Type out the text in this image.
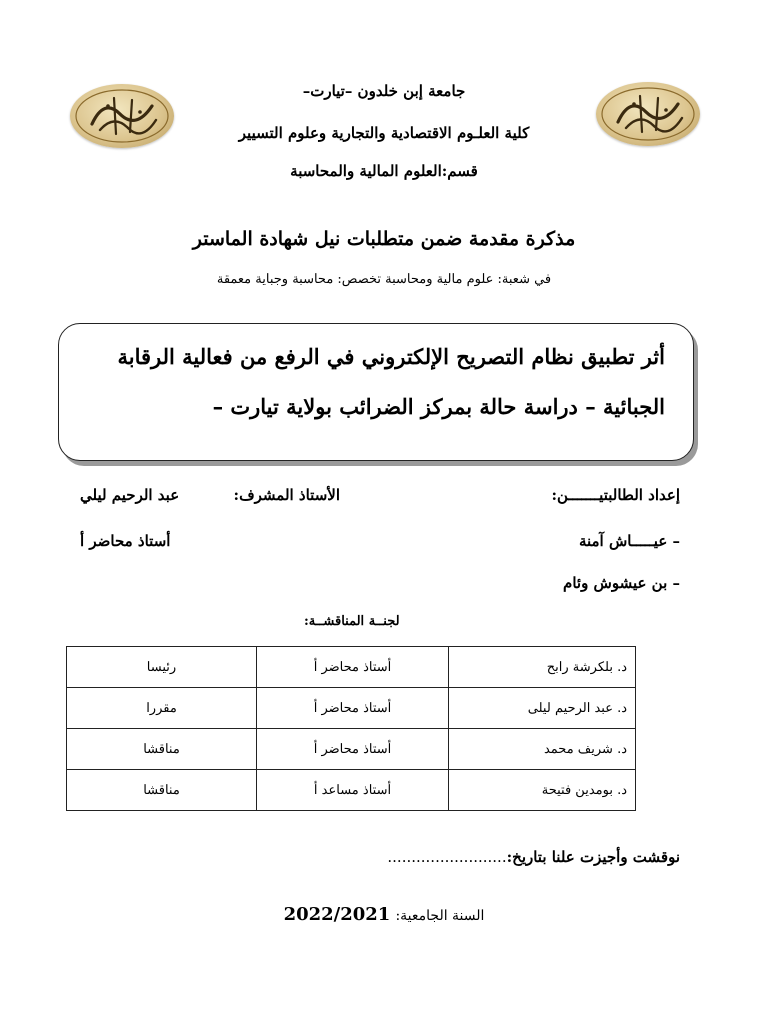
جامعة إبن خلدون –تيارت–
كلية العلـوم الاقتصادية والتجارية وعلوم التسيير
قسم:العلوم المالية والمحاسبة
مذكرة مقدمة ضمن متطلبات نيل شهادة الماستر
في شعبة: علوم مالية ومحاسبة تخصص: محاسبة وجباية معمقة
أثر تطبيق نظام التصريح الإلكتروني في الرفع من فعالية الرقابة
الجبائية – دراسة حالة بمركز الضرائب بولاية تيارت –
إعداد الطالبتيـــــــن:
– عيـــــاش آمنة
– بن عيشوش وئام
الأستاذ المشرف:
عبد الرحيم ليلي
أستاذ محاضر أ
لجنــة المناقشــة:
د. بلكرشة رابح	أستاذ محاضر أ	رئيسا
د. عبد الرحيم ليلى	أستاذ محاضر أ	مقررا
د. شريف محمد	أستاذ محاضر أ	مناقشا
د. بومدين فتيحة	أستاذ مساعد أ	مناقشا
نوقشت وأجيزت علنا بتاريخ:.........................
السنة الجامعية: 2022/2021
